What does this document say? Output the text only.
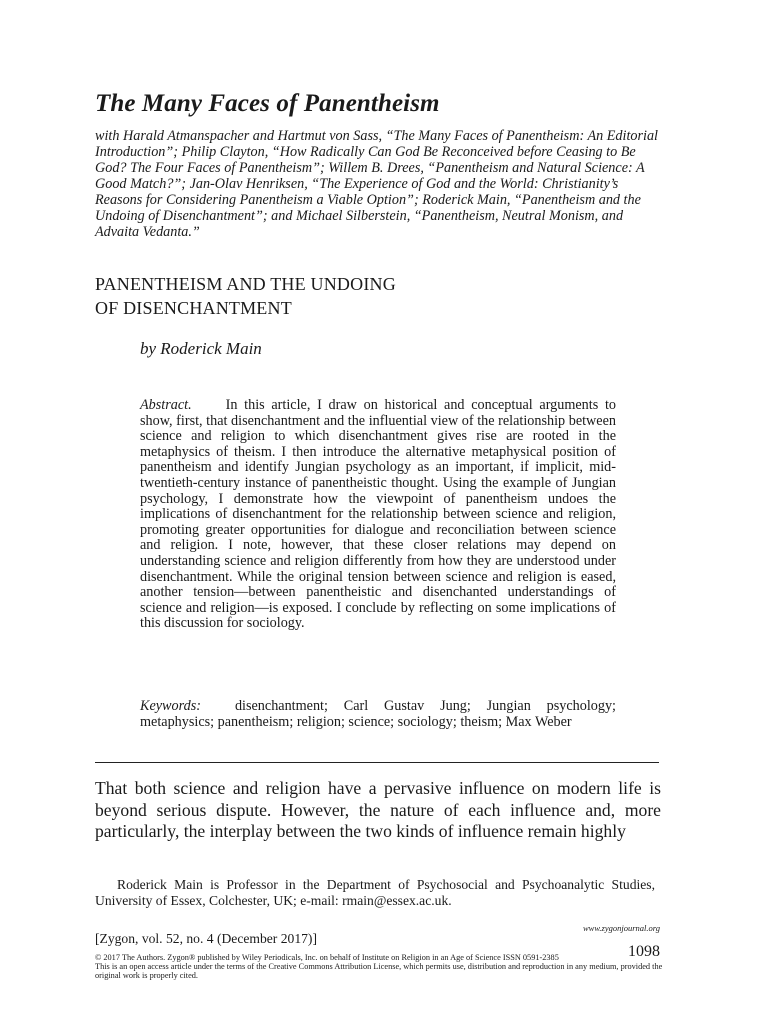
The Many Faces of Panentheism

with Harald Atmanspacher and Hartmut von Sass, “The Many Faces of Panentheism: An Editorial Introduction”; Philip Clayton, “How Radically Can God Be Reconceived before Ceasing to Be God? The Four Faces of Panentheism”; Willem B. Drees, “Panentheism and Natural Science: A Good Match?”; Jan-Olav Henriksen, “The Experience of God and the World: Christianity’s Reasons for Considering Panentheism a Viable Option”; Roderick Main, “Panentheism and the Undoing of Disenchantment”; and Michael Silberstein, “Panentheism, Neutral Monism, and Advaita Vedanta.”

PANENTHEISM AND THE UNDOING
OF DISENCHANTMENT

by Roderick Main

Abstract. In this article, I draw on historical and conceptual arguments to show, first, that disenchantment and the influential view of the relationship between science and religion to which disenchantment gives rise are rooted in the metaphysics of theism. I then introduce the alternative metaphysical position of panentheism and identify Jungian psychology as an important, if implicit, mid-twentieth-century instance of panentheistic thought. Using the example of Jungian psychology, I demonstrate how the viewpoint of panentheism undoes the implications of disenchantment for the relationship between science and religion, promoting greater opportunities for dialogue and reconciliation between science and religion. I note, however, that these closer relations may depend on understanding science and religion differently from how they are understood under disenchantment. While the original tension between science and religion is eased, another tension—between panentheistic and disenchanted understandings of science and religion—is exposed. I conclude by reflecting on some implications of this discussion for sociology.

Keywords: disenchantment; Carl Gustav Jung; Jungian psychology; metaphysics; panentheism; religion; science; sociology; theism; Max Weber

That both science and religion have a pervasive influence on modern life is beyond serious dispute. However, the nature of each influence and, more particularly, the interplay between the two kinds of influence remain highly

Roderick Main is Professor in the Department of Psychosocial and Psychoanalytic Studies, University of Essex, Colchester, UK; e-mail: rmain@essex.ac.uk.

www.zygonjournal.org

[Zygon, vol. 52, no. 4 (December 2017)]

1098

© 2017 The Authors. Zygon® published by Wiley Periodicals, Inc. on behalf of Institute on Religion in an Age of Science ISSN 0591-2385

This is an open access article under the terms of the Creative Commons Attribution License, which permits use, distribution and reproduction in any medium, provided the original work is properly cited.
